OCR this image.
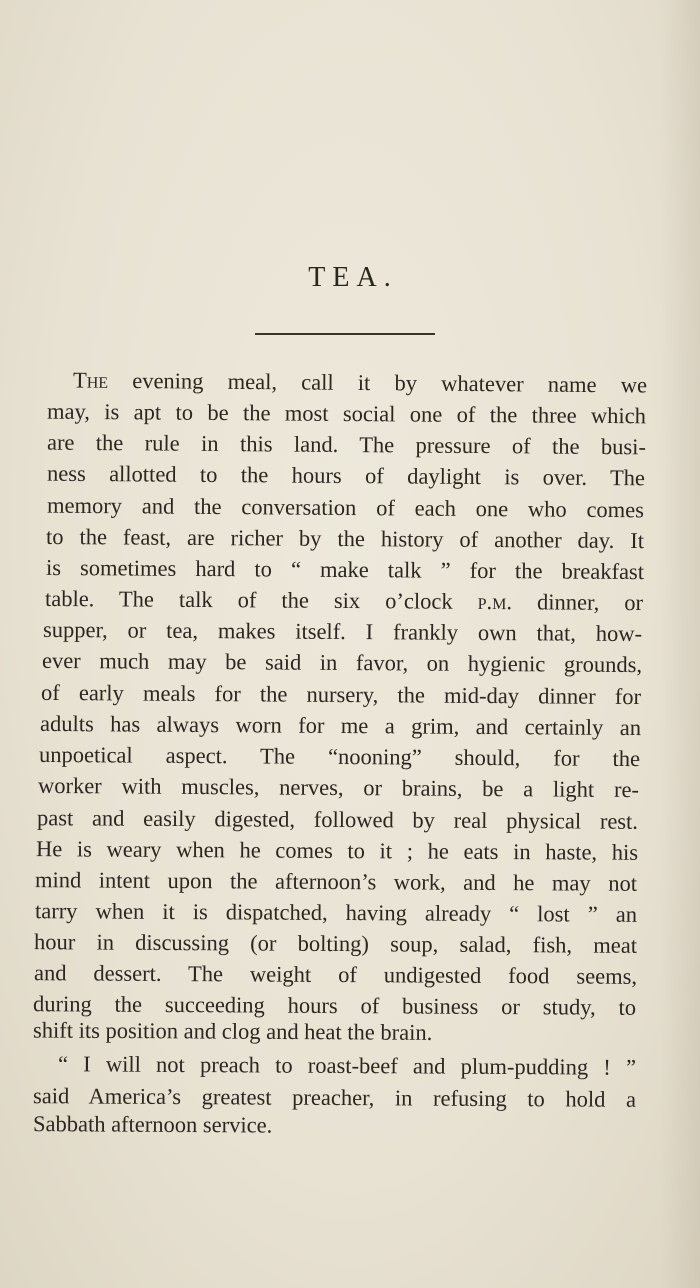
TEA.
The evening meal, call it by whatever name we
may, is apt to be the most social one of the three which
are the rule in this land. The pressure of the busi-
ness allotted to the hours of daylight is over. The
memory and the conversation of each one who comes
to the feast, are richer by the history of another day. It
is sometimes hard to “ make talk ” for the breakfast
table. The talk of the six o’clock p.m. dinner, or
supper, or tea, makes itself. I frankly own that, how-
ever much may be said in favor, on hygienic grounds,
of early meals for the nursery, the mid-day dinner for
adults has always worn for me a grim, and certainly an
unpoetical aspect. The “nooning” should, for the
worker with muscles, nerves, or brains, be a light re-
past and easily digested, followed by real physical rest.
He is weary when he comes to it ; he eats in haste, his
mind intent upon the afternoon’s work, and he may not
tarry when it is dispatched, having already “ lost ” an
hour in discussing (or bolting) soup, salad, fish, meat
and dessert. The weight of undigested food seems,
during the succeeding hours of business or study, to
shift its position and clog and heat the brain.
“ I will not preach to roast-beef and plum-pudding ! ”
said America’s greatest preacher, in refusing to hold a
Sabbath afternoon service.
